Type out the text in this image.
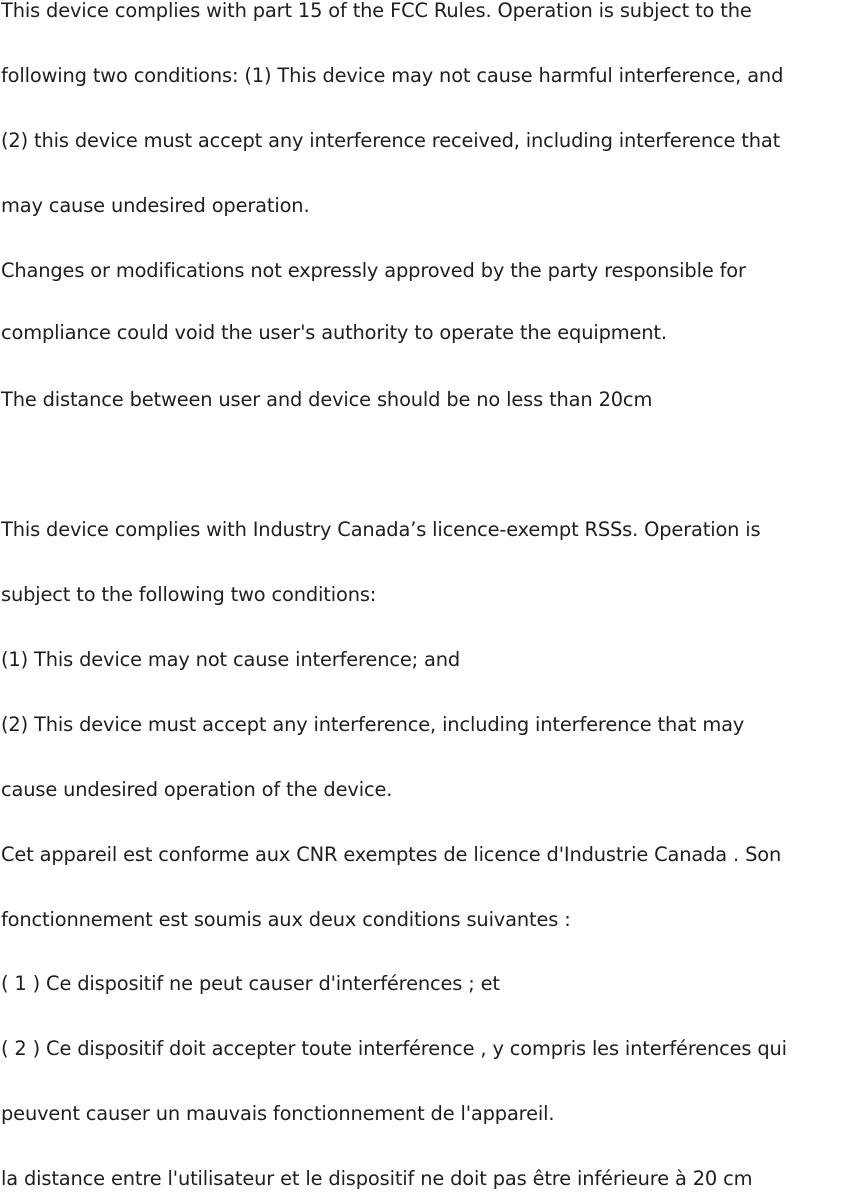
This device complies with part 15 of the FCC Rules. Operation is subject to the
following two conditions: (1) This device may not cause harmful interference, and
(2) this device must accept any interference received, including interference that
may cause undesired operation.
Changes or modifications not expressly approved by the party responsible for
compliance could void the user's authority to operate the equipment.
The distance between user and device should be no less than 20cm
This device complies with Industry Canada’s licence-exempt RSSs. Operation is
subject to the following two conditions:
(1) This device may not cause interference; and
(2) This device must accept any interference, including interference that may
cause undesired operation of the device.
Cet appareil est conforme aux CNR exemptes de licence d'Industrie Canada . Son
fonctionnement est soumis aux deux conditions suivantes :
( 1 ) Ce dispositif ne peut causer d'interférences ; et
( 2 ) Ce dispositif doit accepter toute interférence , y compris les interférences qui
peuvent causer un mauvais fonctionnement de l'appareil.
la distance entre l'utilisateur et le dispositif ne doit pas être inférieure à 20 cm
